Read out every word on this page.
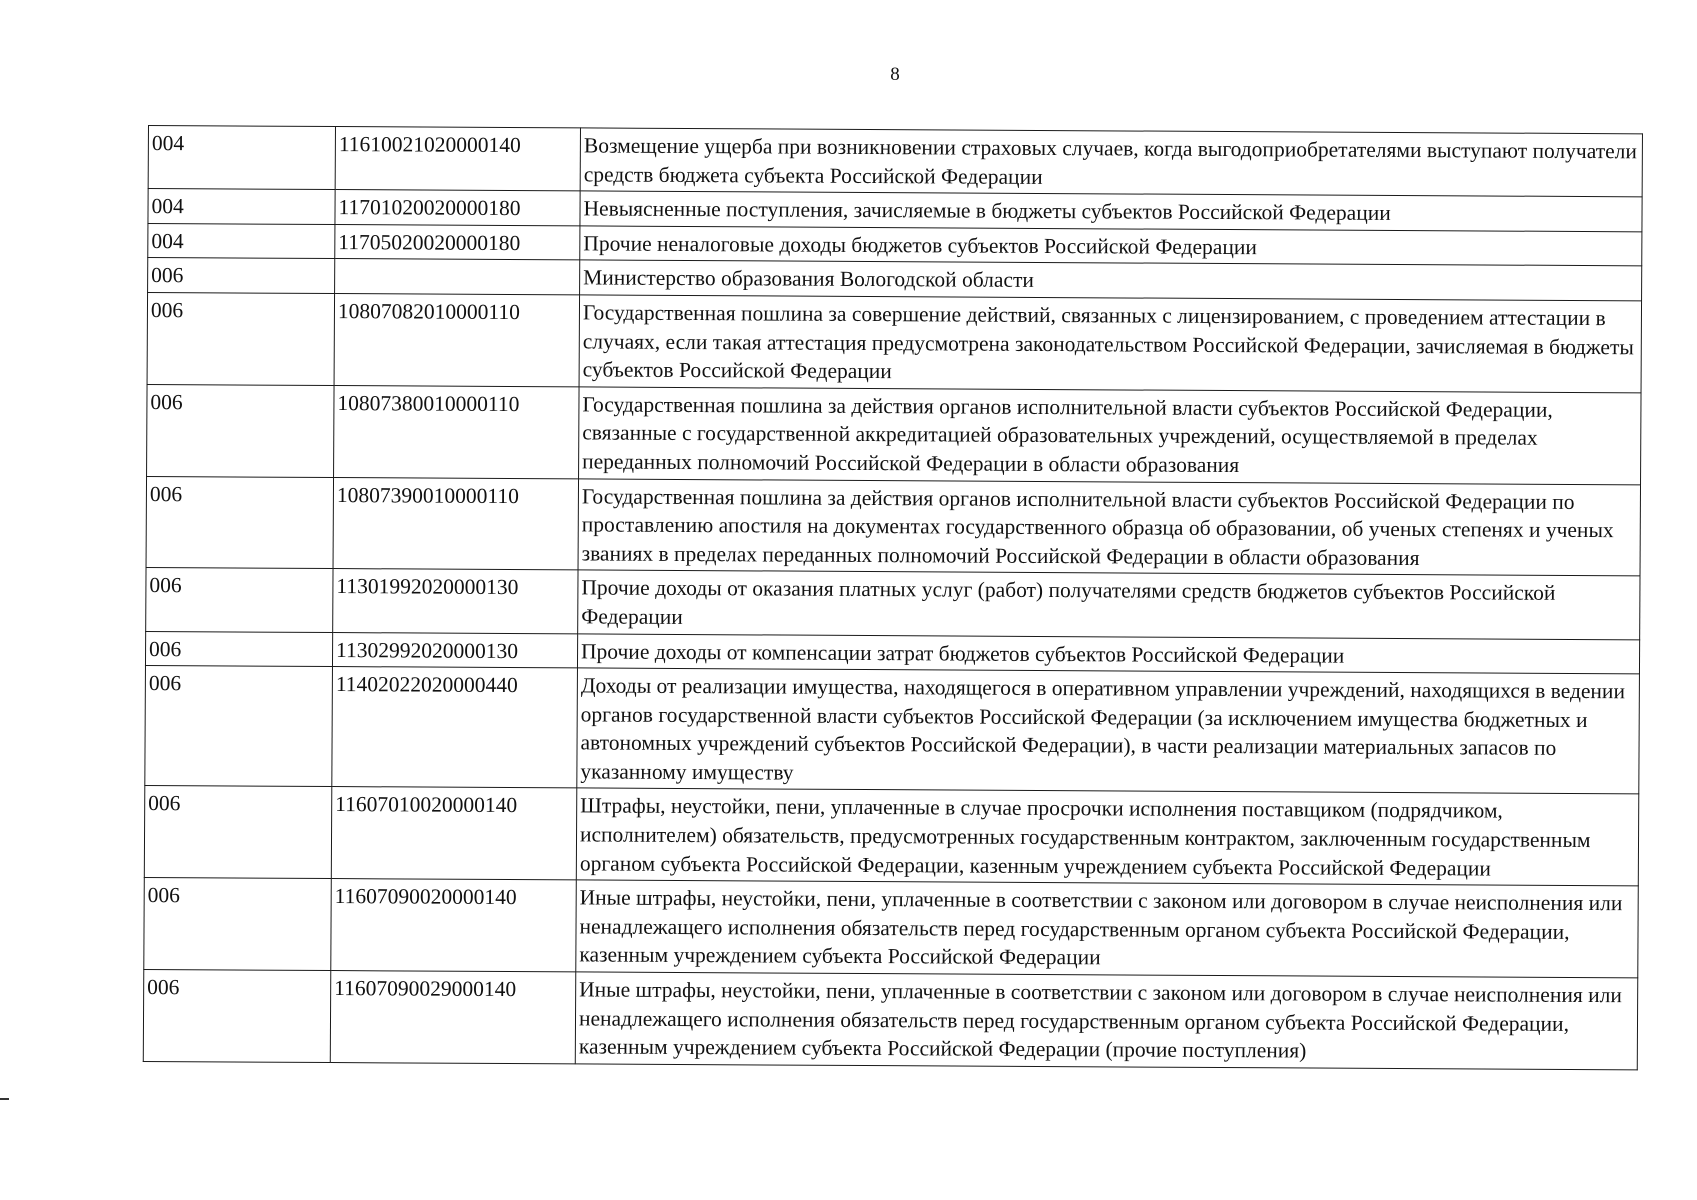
8
004	11610021020000140	Возмещение ущерба при возникновении страховых случаев, когда выгодоприобретателями выступают получатели средств бюджета субъекта Российской Федерации
004	11701020020000180	Невыясненные поступления, зачисляемые в бюджеты субъектов Российской Федерации
004	11705020020000180	Прочие неналоговые доходы бюджетов субъектов Российской Федерации
006		Министерство образования Вологодской области
006	10807082010000110	Государственная пошлина за совершение действий, связанных с лицензированием, с проведением аттестации в случаях, если такая аттестация предусмотрена законодательством Российской Федерации, зачисляемая в бюджеты субъектов Российской Федерации
006	10807380010000110	Государственная пошлина за действия органов исполнительной власти субъектов Российской Федерации, связанные с государственной аккредитацией образовательных учреждений, осуществляемой в пределах переданных полномочий Российской Федерации в области образования
006	10807390010000110	Государственная пошлина за действия органов исполнительной власти субъектов Российской Федерации по проставлению апостиля на документах государственного образца об образовании, об ученых степенях и ученых званиях в пределах переданных полномочий Российской Федерации в области образования
006	11301992020000130	Прочие доходы от оказания платных услуг (работ) получателями средств бюджетов субъектов Российской Федерации
006	11302992020000130	Прочие доходы от компенсации затрат бюджетов субъектов Российской Федерации
006	11402022020000440	Доходы от реализации имущества, находящегося в оперативном управлении учреждений, находящихся в ведении органов государственной власти субъектов Российской Федерации (за исключением имущества бюджетных и автономных учреждений субъектов Российской Федерации), в части реализации материальных запасов по указанному имуществу
006	11607010020000140	Штрафы, неустойки, пени, уплаченные в случае просрочки исполнения поставщиком (подрядчиком, исполнителем) обязательств, предусмотренных государственным контрактом, заключенным государственным органом субъекта Российской Федерации, казенным учреждением субъекта Российской Федерации
006	11607090020000140	Иные штрафы, неустойки, пени, уплаченные в соответствии с законом или договором в случае неисполнения или ненадлежащего исполнения обязательств перед государственным органом субъекта Российской Федерации, казенным учреждением субъекта Российской Федерации
006	11607090029000140	Иные штрафы, неустойки, пени, уплаченные в соответствии с законом или договором в случае неисполнения или ненадлежащего исполнения обязательств перед государственным органом субъекта Российской Федерации, казенным учреждением субъекта Российской Федерации (прочие поступления)
